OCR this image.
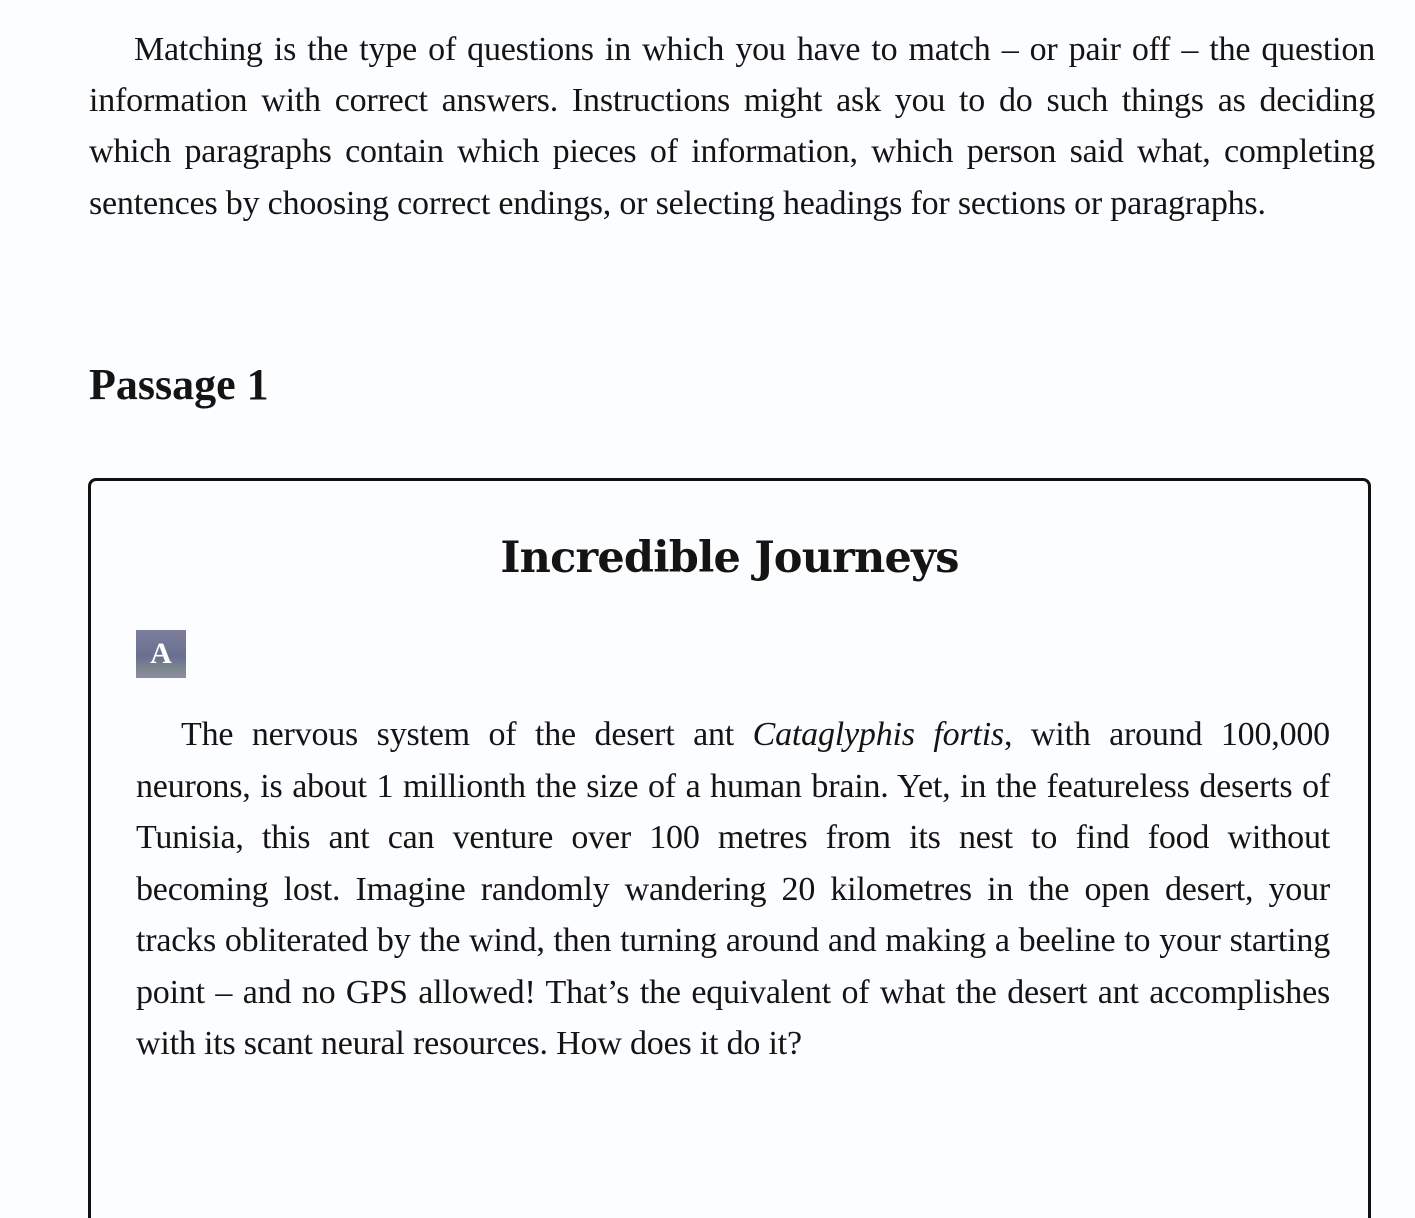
Matching is the type of questions in which you have to match – or pair off – the question information with correct answers. Instructions might ask you to do such things as deciding which paragraphs contain which pieces of information, which person said what, completing sentences by choosing correct endings, or selecting headings for sections or paragraphs.

Passage 1
Incredible Journeys
A

The nervous system of the desert ant Cataglyphis fortis, with around 100,000 neurons, is about 1 millionth the size of a human brain. Yet, in the featureless deserts of Tunisia, this ant can venture over 100 metres from its nest to find food without becoming lost. Imagine randomly wandering 20 kilometres in the open desert, your tracks obliterated by the wind, then turning around and making a beeline to your starting point – and no GPS allowed! That’s the equivalent of what the desert ant accomplishes with its scant neural resources. How does it do it?
